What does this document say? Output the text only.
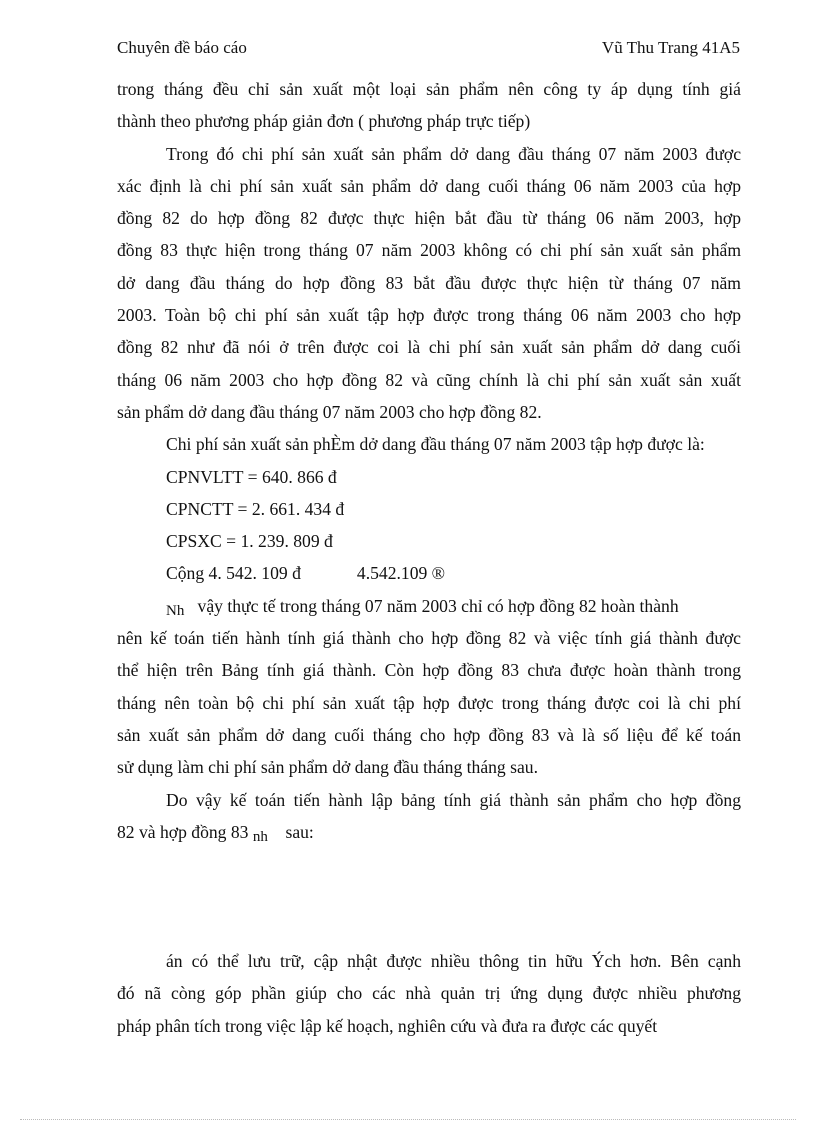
Chuyên đề báo cáo	Vũ Thu Trang 41A5
trong tháng đều chỉ sản xuất một loại sản phẩm nên công ty áp dụng tính giá
thành theo phương pháp giản đơn ( phương pháp trực tiếp)
Trong đó chi phí sản xuất sản phẩm dở dang đầu tháng 07 năm 2003 được
xác định là chi phí sản xuất sản phẩm dở dang cuối tháng 06 năm 2003 của hợp
đồng 82 do hợp đồng 82 được thực hiện bắt đầu từ tháng 06 năm 2003, hợp
đồng 83 thực hiện trong tháng 07 năm 2003 không có chi phí sản xuất sản phẩm
dở dang đầu tháng do hợp đồng 83 bắt đầu được thực hiện từ tháng 07 năm
2003. Toàn bộ chi phí sản xuất tập hợp được trong tháng 06 năm 2003 cho hợp
đồng 82 như đã nói ở trên được coi là chi phí sản xuất sản phẩm dở dang cuối
tháng 06 năm 2003 cho hợp đồng 82 và cũng chính là chi phí sản xuất sản xuất
sản phẩm dở dang đầu tháng 07 năm 2003 cho hợp đồng 82.
Chi phí sản xuất sản phÈm dở dang đầu tháng 07 năm 2003 tập hợp được là:
CPNVLTT = 640. 866 đ
CPNCTT = 2. 661. 434 đ
CPSXC = 1. 239. 809 đ
Cộng 4. 542. 109 đ	4.542.109 ®
Nh vậy thực tế trong tháng 07 năm 2003 chỉ có hợp đồng 82 hoàn thành
nên kế toán tiến hành tính giá thành cho hợp đồng 82 và việc tính giá thành được
thể hiện trên Bảng tính giá thành. Còn hợp đồng 83 chưa được hoàn thành trong
tháng nên toàn bộ chi phí sản xuất tập hợp được trong tháng được coi là chi phí
sản xuất sản phẩm dở dang cuối tháng cho hợp đồng 83 và là số liệu để kế toán
sử dụng làm chi phí sản phẩm dở dang đầu tháng tháng sau.
Do vậy kế toán tiến hành lập bảng tính giá thành sản phẩm cho hợp đồng
82 và hợp đồng 83 nh sau:
án có thể lưu trữ, cập nhật được nhiều thông tin hữu Ých hơn. Bên cạnh
đó nã còng góp phần giúp cho các nhà quản trị ứng dụng được nhiều phương
pháp phân tích trong việc lập kế hoạch, nghiên cứu và đưa ra được các quyết
